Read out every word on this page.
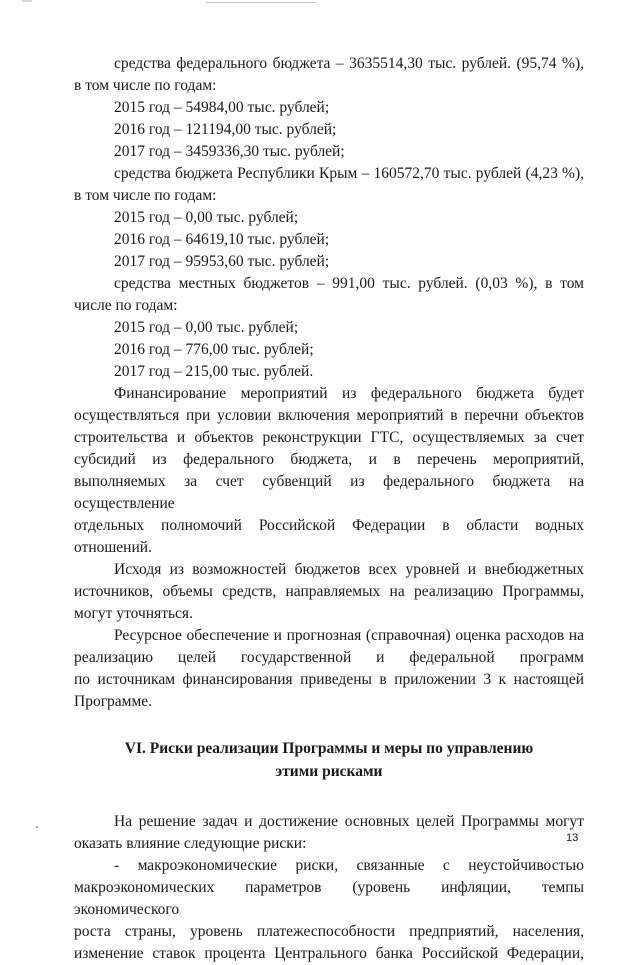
средства федерального бюджета – 3635514,30 тыс. рублей. (95,74 %),

в том числе по годам:

2015 год – 54984,00 тыс. рублей;

2016 год – 121194,00 тыс. рублей;

2017 год – 3459336,30 тыс. рублей;

средства бюджета Республики Крым – 160572,70 тыс. рублей (4,23 %),

в том числе по годам:

2015 год – 0,00 тыс. рублей;

2016 год – 64619,10 тыс. рублей;

2017 год – 95953,60 тыс. рублей;

средства местных бюджетов – 991,00 тыс. рублей. (0,03 %), в том

числе по годам:

2015 год – 0,00 тыс. рублей;

2016 год – 776,00 тыс. рублей;

2017 год – 215,00 тыс. рублей.

Финансирование мероприятий из федерального бюджета будет

осуществляться при условии включения мероприятий в перечни объектов

строительства и объектов реконструкции ГТС, осуществляемых за счет

субсидий из федерального бюджета, и в перечень мероприятий,

выполняемых за счет субвенций из федерального бюджета на осуществление

отдельных полномочий Российской Федерации в области водных отношений.

Исходя из возможностей бюджетов всех уровней и внебюджетных

источников, объемы средств, направляемых на реализацию Программы,

могут уточняться.

Ресурсное обеспечение и прогнозная (справочная) оценка расходов на

реализацию целей государственной и федеральной программ

по источникам финансирования приведены в приложении 3 к настоящей

Программе.

VI. Риски реализации Программы и меры по управлению

этими рисками

На решение задач и достижение основных целей Программы могут

оказать влияние следующие риски:

- макроэкономические риски, связанные с неустойчивостью

макроэкономических параметров (уровень инфляции, темпы экономического

роста страны, уровень платежеспособности предприятий, населения,

изменение ставок процента Центрального банка Российской Федерации,

13
